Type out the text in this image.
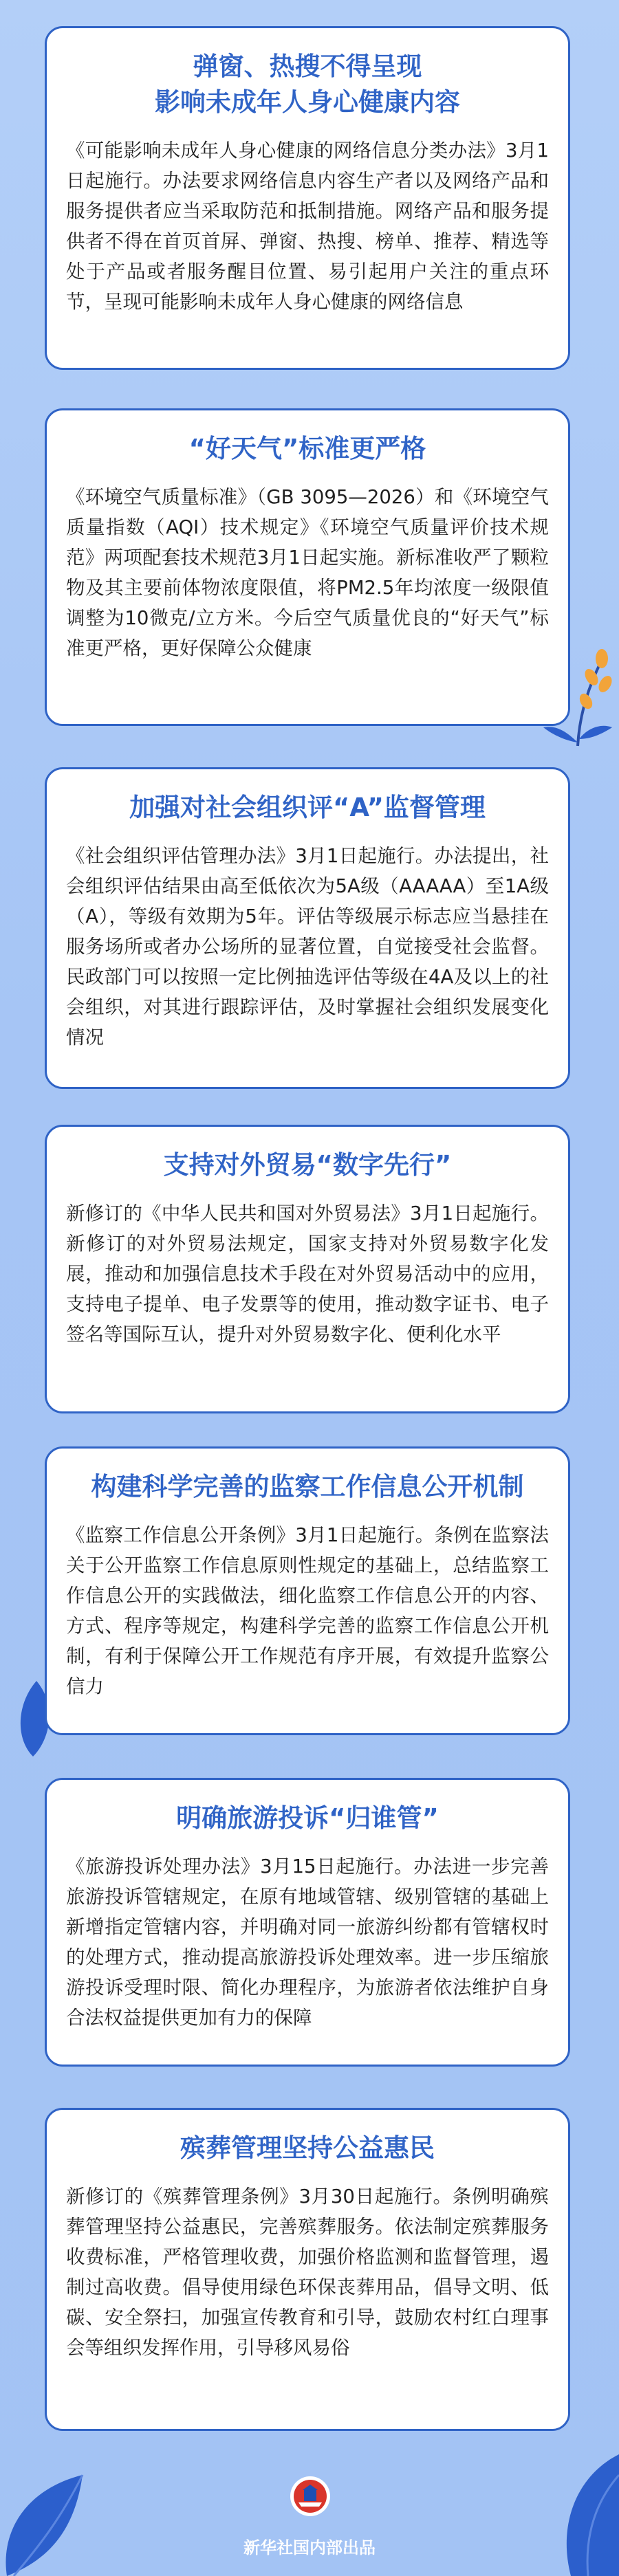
弹窗、热搜不得呈现
影响未成年人身心健康内容

《可能影响未成年人身心健康的网络信息分类办法》3月1日起施行。办法要求网络信息内容生产者以及网络产品和服务提供者应当采取防范和抵制措施。网络产品和服务提供者不得在首页首屏、弹窗、热搜、榜单、推荐、精选等处于产品或者服务醒目位置、易引起用户关注的重点环节，呈现可能影响未成年人身心健康的网络信息

“好天气”标准更严格

《环境空气质量标准》（GB 3095—2026）和《环境空气质量指数（AQI）技术规定》《环境空气质量评价技术规范》两项配套技术规范3月1日起实施。新标准收严了颗粒物及其主要前体物浓度限值，将PM2.5年均浓度一级限值调整为10微克/立方米。今后空气质量优良的“好天气”标准更严格，更好保障公众健康

加强对社会组织评“A”监督管理

《社会组织评估管理办法》3月1日起施行。办法提出，社会组织评估结果由高至低依次为5A级（AAAAA）至1A级（A），等级有效期为5年。评估等级展示标志应当悬挂在服务场所或者办公场所的显著位置，自觉接受社会监督。民政部门可以按照一定比例抽选评估等级在4A及以上的社会组织，对其进行跟踪评估，及时掌握社会组织发展变化情况

支持对外贸易“数字先行”

新修订的《中华人民共和国对外贸易法》3月1日起施行。新修订的对外贸易法规定，国家支持对外贸易数字化发展，推动和加强信息技术手段在对外贸易活动中的应用，支持电子提单、电子发票等的使用，推动数字证书、电子签名等国际互认，提升对外贸易数字化、便利化水平

构建科学完善的监察工作信息公开机制

《监察工作信息公开条例》3月1日起施行。条例在监察法关于公开监察工作信息原则性规定的基础上，总结监察工作信息公开的实践做法，细化监察工作信息公开的内容、方式、程序等规定，构建科学完善的监察工作信息公开机制，有利于保障公开工作规范有序开展，有效提升监察公信力

明确旅游投诉“归谁管”

《旅游投诉处理办法》3月15日起施行。办法进一步完善旅游投诉管辖规定，在原有地域管辖、级别管辖的基础上新增指定管辖内容，并明确对同一旅游纠纷都有管辖权时的处理方式，推动提高旅游投诉处理效率。进一步压缩旅游投诉受理时限、简化办理程序，为旅游者依法维护自身合法权益提供更加有力的保障

殡葬管理坚持公益惠民

新修订的《殡葬管理条例》3月30日起施行。条例明确殡葬管理坚持公益惠民，完善殡葬服务。依法制定殡葬服务收费标准，严格管理收费，加强价格监测和监督管理，遏制过高收费。倡导使用绿色环保丧葬用品，倡导文明、低碳、安全祭扫，加强宣传教育和引导，鼓励农村红白理事会等组织发挥作用，引导移风易俗

新华社国内部出品
